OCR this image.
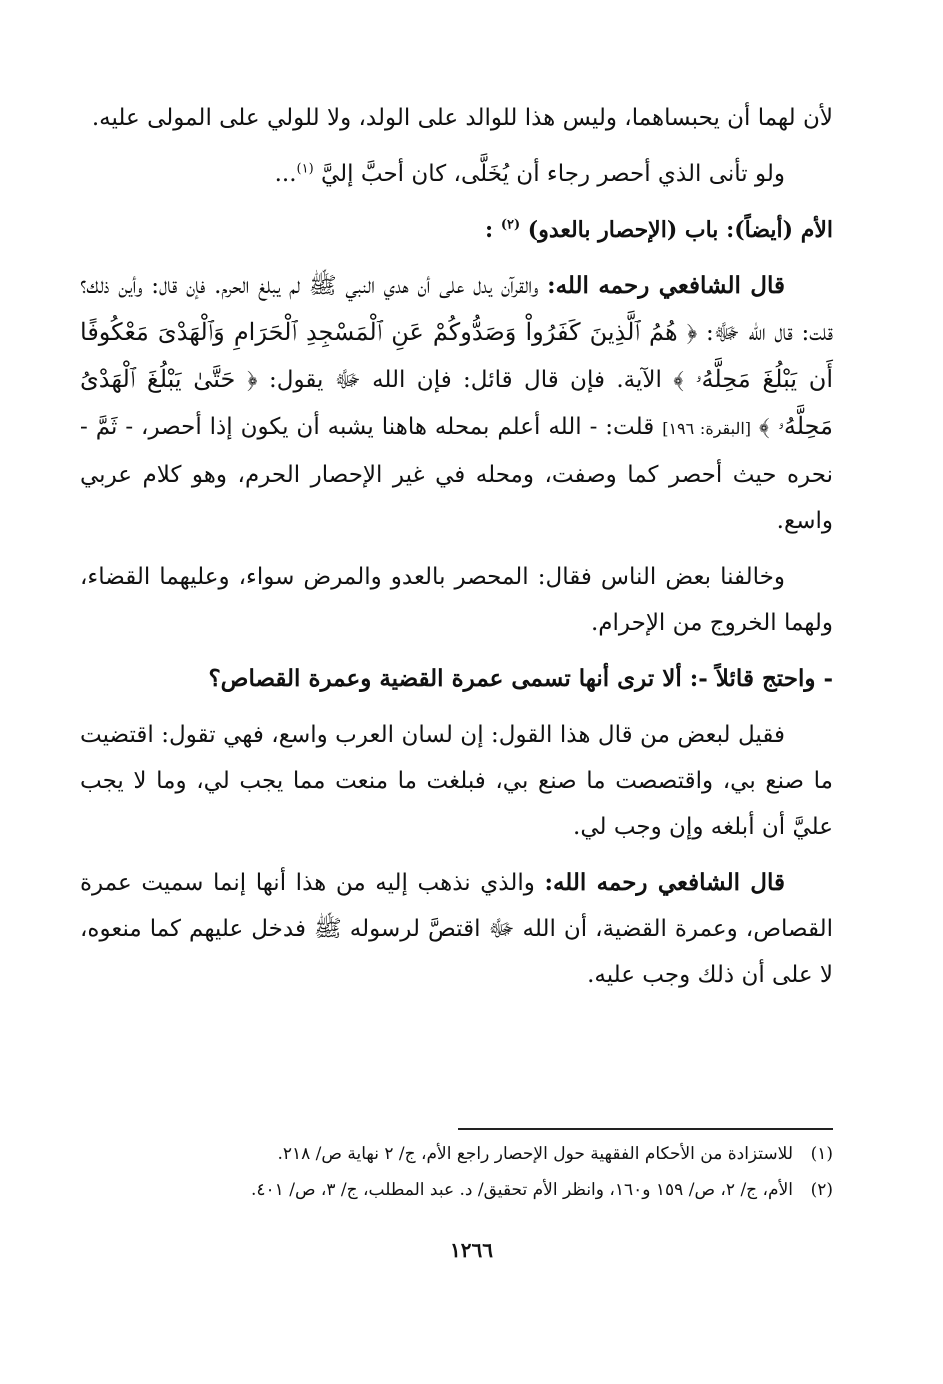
لأن لهما أن يحبساهما، وليس هذا للوالد على الولد، ولا للولي على المولى عليه.

ولو تأنى الذي أحصر رجاء أن يُخَلَّى، كان أحبَّ إليَّ $^{(١)}$...

الأم (أيضاً): باب (الإحصار بالعدو) $^{(٢)}$ :

قال الشافعي رحمه الله: والقرآن يدل على أن هدي النبي ﷺ لم يبلغ الحرم. فإن قال: وأين ذلك؟ قلت: قال الله ﷻ: ﴿ هُمُ ٱلَّذِينَ كَفَرُواْ وَصَدُّوكُمْ عَنِ ٱلْمَسْجِدِ ٱلْحَرَامِ وَٱلْهَدْىَ مَعْكُوفًا أَن يَبْلُغَ مَحِلَّهُۥ ﴾ الآية. فإن قال قائل: فإن الله ﷻ يقول: ﴿ حَتَّىٰ يَبْلُغَ ٱلْهَدْىُ مَحِلَّهُۥ ﴾ [البقرة: ١٩٦] قلت: - الله أعلم بمحله هاهنا يشبه أن يكون إذا أحصر، - ثَمَّ - نحره حيث أحصر كما وصفت، ومحله في غير الإحصار الحرم، وهو كلام عربي واسع.

وخالفنا بعض الناس فقال: المحصر بالعدو والمرض سواء، وعليهما القضاء، ولهما الخروج من الإحرام.

- واحتج قائلاً -: ألا ترى أنها تسمى عمرة القضية وعمرة القصاص؟

فقيل لبعض من قال هذا القول: إن لسان العرب واسع، فهي تقول: اقتضيت ما صنع بي، واقتصصت ما صنع بي، فبلغت ما منعت مما يجب لي، وما لا يجب عليَّ أن أبلغه وإن وجب لي.

قال الشافعي رحمه الله: والذي نذهب إليه من هذا أنها إنما سميت عمرة القصاص، وعمرة القضية، أن الله ﷻ اقتصَّ لرسوله ﷺ فدخل عليهم كما منعوه، لا على أن ذلك وجب عليه.

(١)
للاستزادة من الأحكام الفقهية حول الإحصار راجع الأم، ج/ ٢ نهاية ص/ ٢١٨.
(٢)
الأم، ج/ ٢، ص/ ١٥٩ و١٦٠، وانظر الأم تحقيق/ د. عبد المطلب، ج/ ٣، ص/ ٤٠١.
١٢٦٦
